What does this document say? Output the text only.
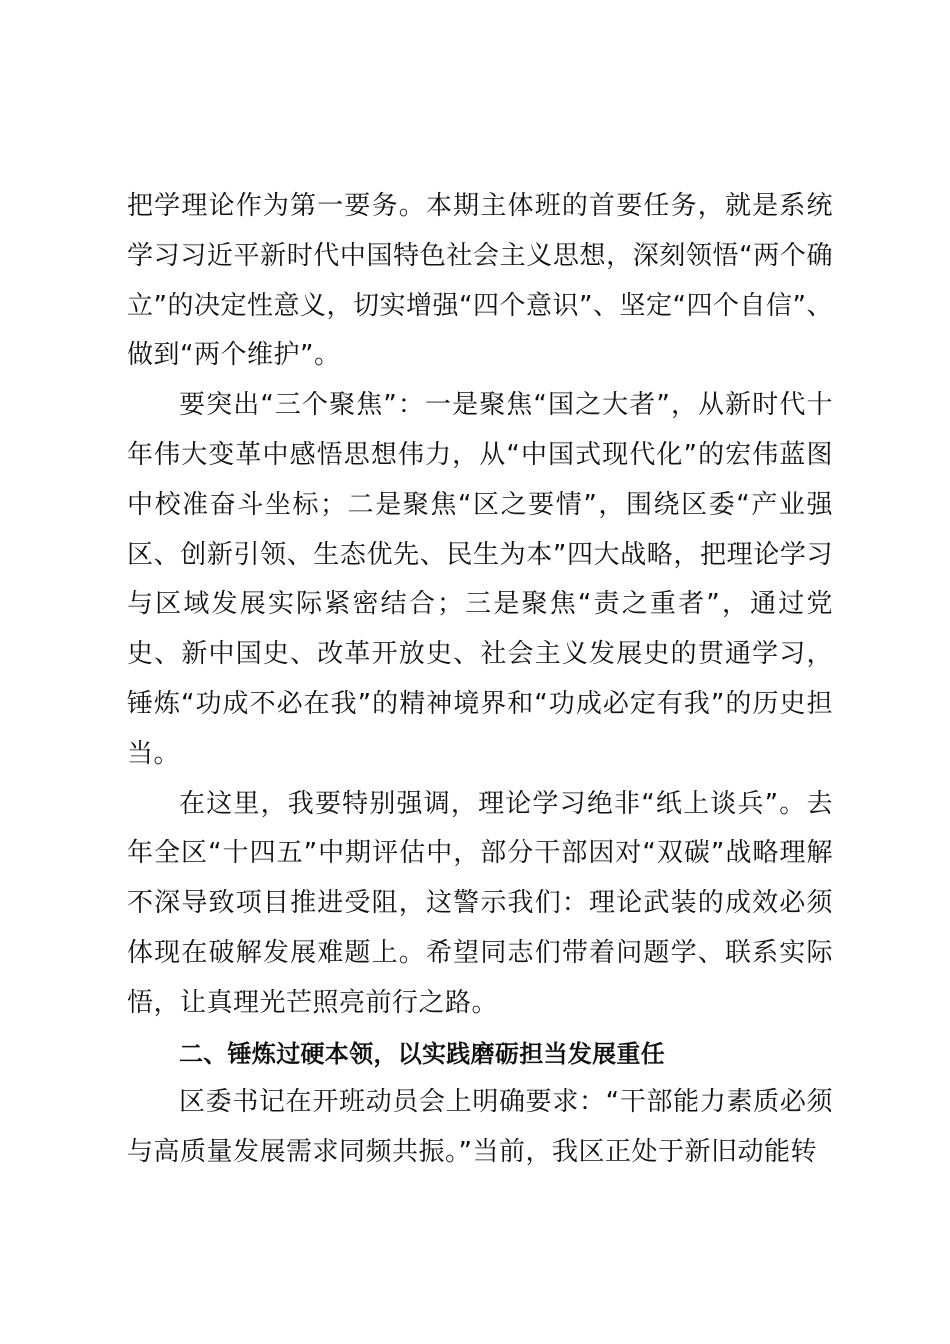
把学理论作为第一要务。本期主体班的首要任务，就是系统学习习近平新时代中国特色社会主义思想，深刻领悟“两个确立”的决定性意义，切实增强“四个意识”、坚定“四个自信”、做到“两个维护”。

要突出“三个聚焦”：一是聚焦“国之大者”，从新时代十年伟大变革中感悟思想伟力，从“中国式现代化”的宏伟蓝图中校准奋斗坐标；二是聚焦“区之要情”，围绕区委“产业强区、创新引领、生态优先、民生为本”四大战略，把理论学习与区域发展实际紧密结合；三是聚焦“责之重者”，通过党史、新中国史、改革开放史、社会主义发展史的贯通学习，锤炼“功成不必在我”的精神境界和“功成必定有我”的历史担当。

在这里，我要特别强调，理论学习绝非“纸上谈兵”。去年全区“十四五”中期评估中，部分干部因对“双碳”战略理解不深导致项目推进受阻，这警示我们：理论武装的成效必须体现在破解发展难题上。希望同志们带着问题学、联系实际悟，让真理光芒照亮前行之路。

二、锤炼过硬本领，以实践磨砺担当发展重任

区委书记在开班动员会上明确要求：“干部能力素质必须与高质量发展需求同频共振。”当前，我区正处于新旧动能转
